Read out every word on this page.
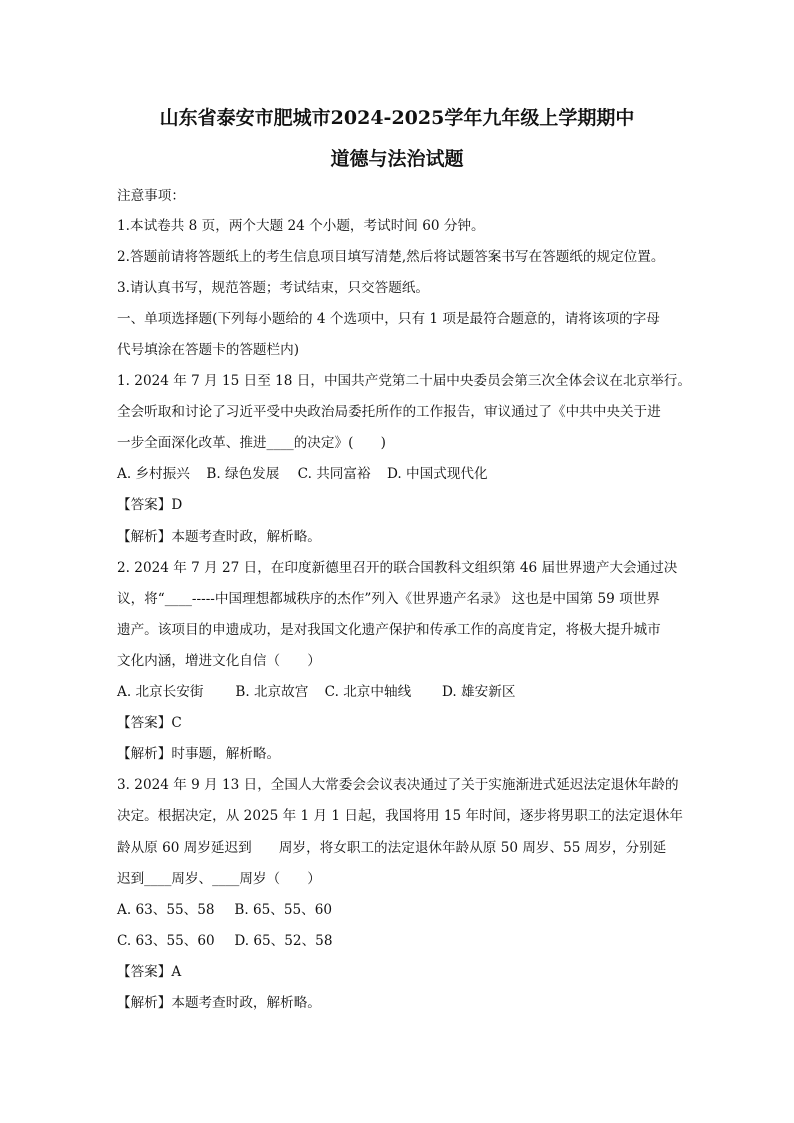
山东省泰安市肥城市2024-2025学年九年级上学期期中
道德与法治试题
注意事项：
1.本试卷共 8 页，两个大题 24 个小题，考试时间 60 分钟。
2.答题前请将答题纸上的考生信息项目填写清楚,然后将试题答案书写在答题纸的规定位置。
3.请认真书写，规范答题；考试结束，只交答题纸。
一、单项选择题(下列每小题给的 4 个选项中，只有 1 项是最符合题意的，请将该项的字母
代号填涂在答题卡的答题栏内)
1. 2024 年 7 月 15 日至 18 日，中国共产党第二十届中央委员会第三次全体会议在北京举行。
全会听取和讨论了习近平受中央政治局委托所作的工作报告，审议通过了《中共中央关于进
一步全面深化改革、推进____的决定》(　　)
A. 乡村振兴 B. 绿色发展 C. 共同富裕 D. 中国式现代化
【答案】D
【解析】本题考查时政，解析略。
2. 2024 年 7 月 27 日，在印度新德里召开的联合国教科文组织第 46 届世界遗产大会通过决
议，将“____-----中国理想都城秩序的杰作”列入《世界遗产名录》 这也是中国第 59 项世界
遗产。该项目的申遗成功，是对我国文化遗产保护和传承工作的高度肯定，将极大提升城市
文化内涵，增进文化自信（　　）
A. 北京长安街 B. 北京故宫 C. 北京中轴线 D. 雄安新区
【答案】C
【解析】时事题，解析略。
3. 2024 年 9 月 13 日，全国人大常委会会议表决通过了关于实施渐进式延迟法定退休年龄的
决定。根据决定，从 2025 年 1 月 1 日起，我国将用 15 年时间，逐步将男职工的法定退休年
龄从原 60 周岁延迟到　　周岁，将女职工的法定退休年龄从原 50 周岁、55 周岁，分别延
迟到____周岁、____周岁（　　）
A. 63、55、58 B. 65、55、60
C. 63、55、60 D. 65、52、58
【答案】A
【解析】本题考查时政，解析略。
